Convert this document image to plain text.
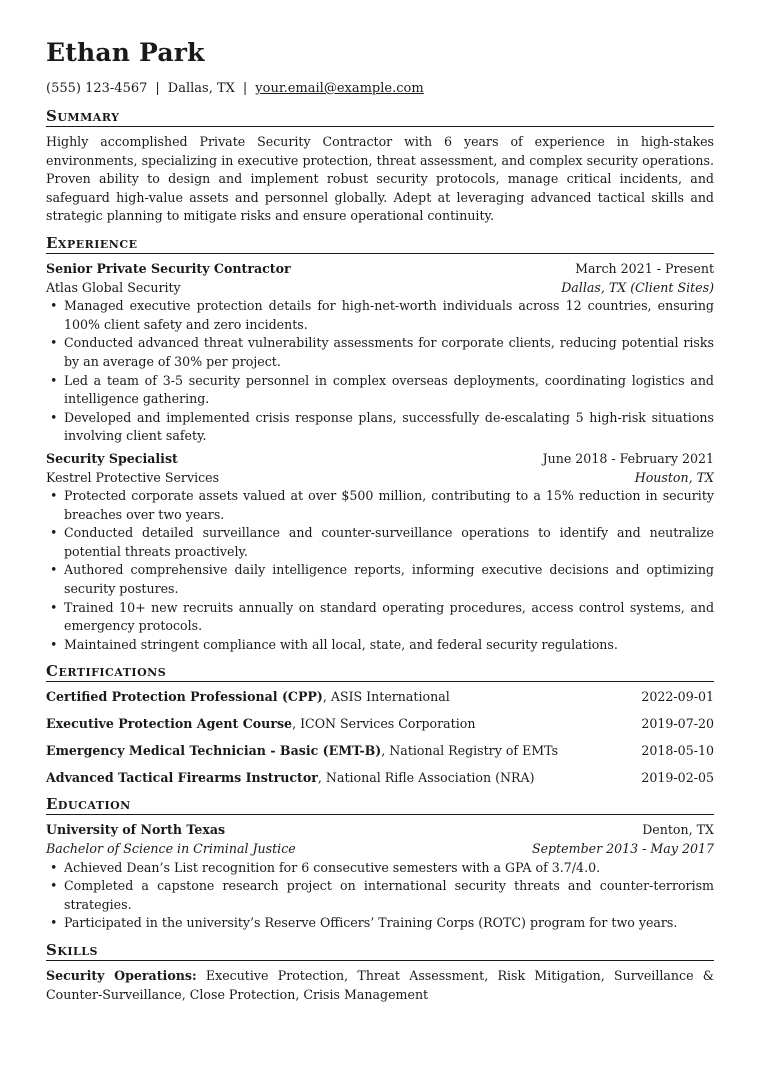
Ethan Park
(555) 123-4567 | Dallas, TX | your.email@example.com
Summary

Highly accomplished Private Security Contractor with 6 years of experience in high-stakes environments, specializing in executive protection, threat assessment, and complex security operations. Proven ability to design and implement robust security protocols, manage critical incidents, and safeguard high-value assets and personnel globally. Adept at leveraging advanced tactical skills and strategic planning to mitigate risks and ensure operational continuity.

Experience
Senior Private Security Contractor	March 2021 - Present
Atlas Global Security	Dallas, TX (Client Sites)
• Managed executive protection details for high-net-worth individuals across 12 countries, ensuring 100% client safety and zero incidents.
• Conducted advanced threat vulnerability assessments for corporate clients, reducing potential risks by an average of 30% per project.
• Led a team of 3-5 security personnel in complex overseas deployments, coordinating logistics and intelligence gathering.
• Developed and implemented crisis response plans, successfully de-escalating 5 high-risk situations involving client safety.
Security Specialist	June 2018 - February 2021
Kestrel Protective Services	Houston, TX
• Protected corporate assets valued at over $500 million, contributing to a 15% reduction in security breaches over two years.
• Conducted detailed surveillance and counter-surveillance operations to identify and neutralize potential threats proactively.
• Authored comprehensive daily intelligence reports, informing executive decisions and optimizing security postures.
• Trained 10+ new recruits annually on standard operating procedures, access control systems, and emergency protocols.
• Maintained stringent compliance with all local, state, and federal security regulations.
Certifications
Certified Protection Professional (CPP), ASIS International	2022-09-01
Executive Protection Agent Course, ICON Services Corporation	2019-07-20
Emergency Medical Technician - Basic (EMT-B), National Registry of EMTs	2018-05-10
Advanced Tactical Firearms Instructor, National Rifle Association (NRA)	2019-02-05
Education
University of North Texas	Denton, TX
Bachelor of Science in Criminal Justice	September 2013 - May 2017
• Achieved Dean’s List recognition for 6 consecutive semesters with a GPA of 3.7/4.0.
• Completed a capstone research project on international security threats and counter-terrorism strategies.
• Participated in the university’s Reserve Officers’ Training Corps (ROTC) program for two years.
Skills

Security Operations: Executive Protection, Threat Assessment, Risk Mitigation, Surveillance & Counter-Surveillance, Close Protection, Crisis Management
